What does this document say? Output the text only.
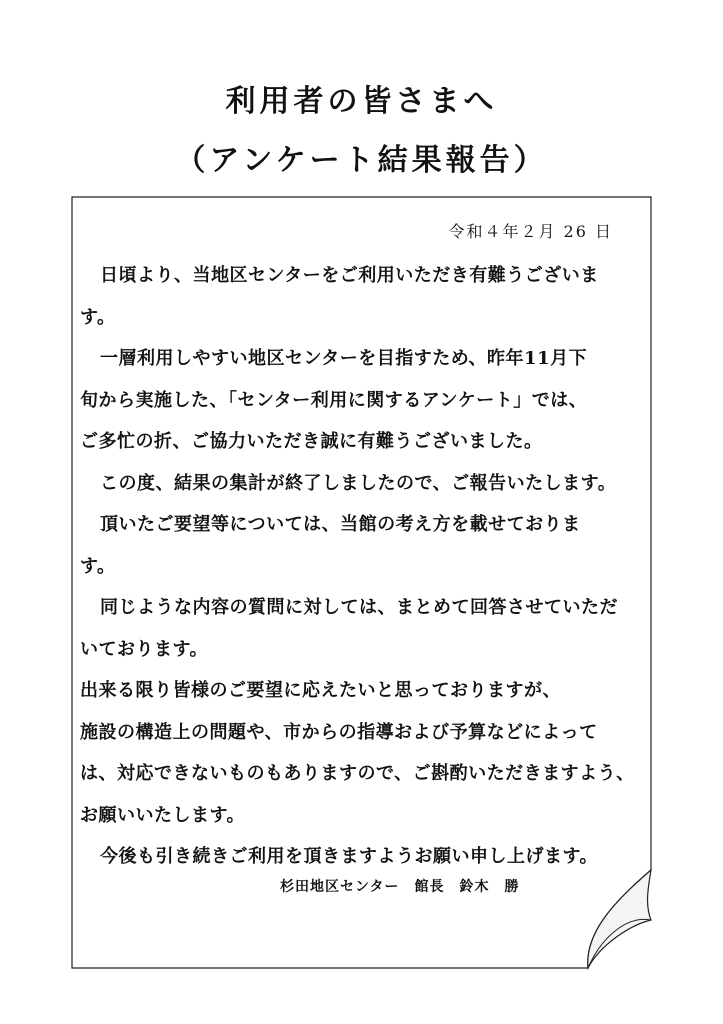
利用者の皆さまへ
（アンケート結果報告）
令和４年２月 26 日
日頃より、当地区センターをご利用いただき有難うございま
す。
一層利用しやすい地区センターを目指すため、昨年11月下
旬から実施した、「センター利用に関するアンケート」では、
ご多忙の折、ご協力いただき誠に有難うございました。
この度、結果の集計が終了しましたので、ご報告いたします。
頂いたご要望等については、当館の考え方を載せておりま
す。
同じような内容の質問に対しては、まとめて回答させていただ
いております。
出来る限り皆様のご要望に応えたいと思っておりますが、
施設の構造上の問題や、市からの指導および予算などによって
は、対応できないものもありますので、ご斟酌いただきますよう、
お願いいたします。
今後も引き続きご利用を頂きますようお願い申し上げます。
杉田地区センター　館長　鈴木　勝
